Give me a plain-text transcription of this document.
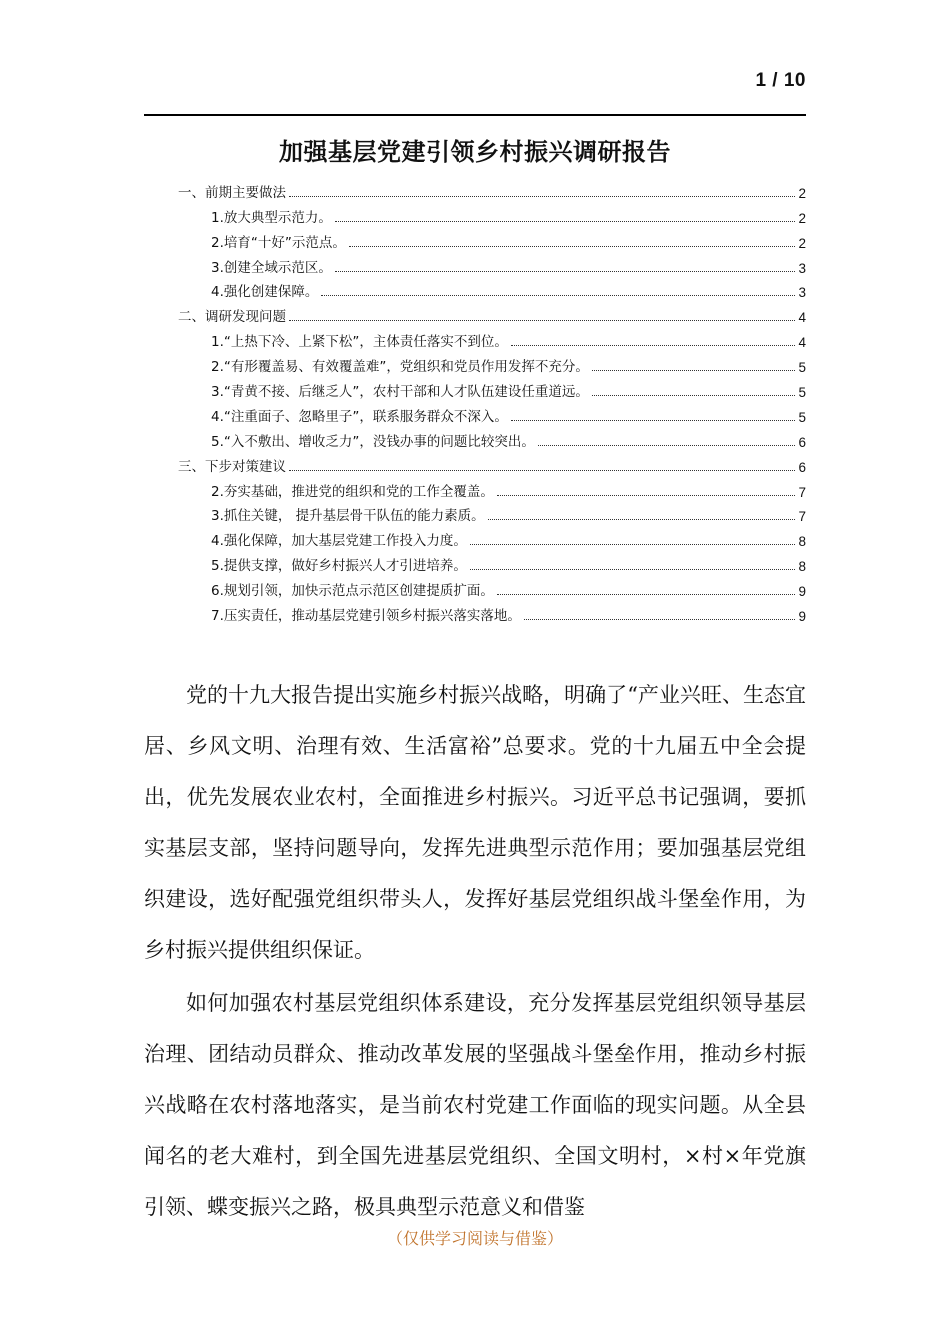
1 / 10
加强基层党建引领乡村振兴调研报告
一、前期主要做法	2
1.放大典型示范力。	2
2.培育“十好”示范点。	2
3.创建全域示范区。	3
4.强化创建保障。	3
二、调研发现问题	4
1.“上热下冷、上紧下松”，主体责任落实不到位。	4
2.“有形覆盖易、有效覆盖难”，党组织和党员作用发挥不充分。	5
3.“青黄不接、后继乏人”，农村干部和人才队伍建设任重道远。	5
4.“注重面子、忽略里子”，联系服务群众不深入。	5
5.“入不敷出、增收乏力”，没钱办事的问题比较突出。	6
三、下步对策建议	6
2.夯实基础，推进党的组织和党的工作全覆盖。	7
3.抓住关键， 提升基层骨干队伍的能力素质。	7
4.强化保障，加大基层党建工作投入力度。	8
5.提供支撑，做好乡村振兴人才引进培养。	8
6.规划引领，加快示范点示范区创建提质扩面。	9
7.压实责任，推动基层党建引领乡村振兴落实落地。	9

党的十九大报告提出实施乡村振兴战略，明确了“产业兴旺、生态宜居、乡风文明、治理有效、生活富裕”总要求。党的十九届五中全会提出，优先发展农业农村，全面推进乡村振兴。习近平总书记强调，要抓实基层支部，坚持问题导向，发挥先进典型示范作用；要加强基层党组织建设，选好配强党组织带头人，发挥好基层党组织战斗堡垒作用，为乡村振兴提供组织保证。

如何加强农村基层党组织体系建设，充分发挥基层党组织领导基层治理、团结动员群众、推动改革发展的坚强战斗堡垒作用，推动乡村振兴战略在农村落地落实，是当前农村党建工作面临的现实问题。从全县闻名的老大难村，到全国先进基层党组织、全国文明村，×村×年党旗引领、蝶变振兴之路，极具典型示范意义和借鉴

（仅供学习阅读与借鉴）
